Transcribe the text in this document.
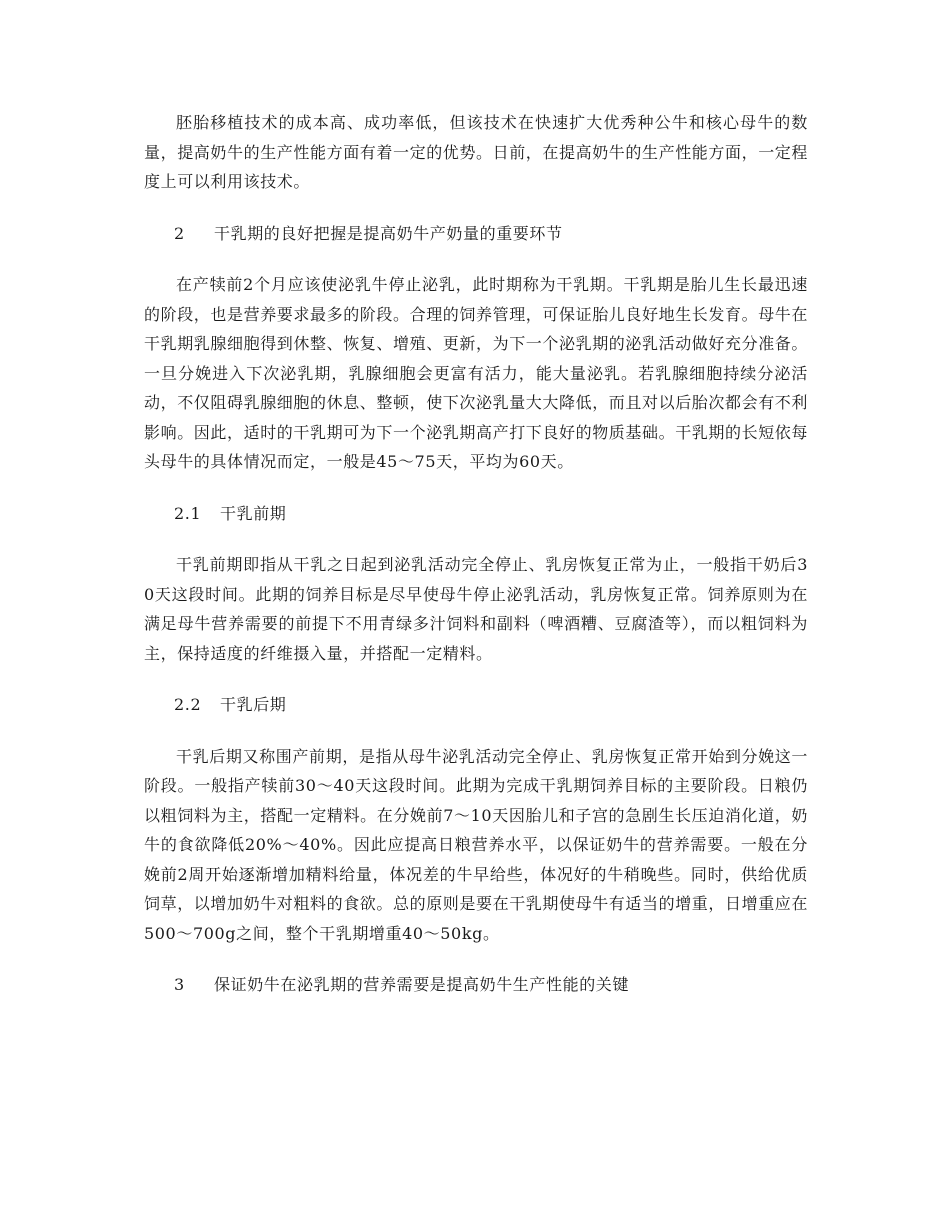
胚胎移植技术的成本高、成功率低，但该技术在快速扩大优秀种公牛和核心母牛的数量，提高奶牛的生产性能方面有着一定的优势。日前，在提高奶牛的生产性能方面，一定程度上可以利用该技术。

2 干乳期的良好把握是提高奶牛产奶量的重要环节

在产犊前2个月应该使泌乳牛停止泌乳，此时期称为干乳期。干乳期是胎儿生长最迅速的阶段，也是营养要求最多的阶段。合理的饲养管理，可保证胎儿良好地生长发育。母牛在干乳期乳腺细胞得到休整、恢复、增殖、更新，为下一个泌乳期的泌乳活动做好充分准备。一旦分娩进入下次泌乳期，乳腺细胞会更富有活力，能大量泌乳。若乳腺细胞持续分泌活动，不仅阻碍乳腺细胞的休息、整顿，使下次泌乳量大大降低，而且对以后胎次都会有不利影响。因此，适时的干乳期可为下一个泌乳期高产打下良好的物质基础。干乳期的长短依每头母牛的具体情况而定，一般是45～75天，平均为60天。

2.1 干乳前期

干乳前期即指从干乳之日起到泌乳活动完全停止、乳房恢复正常为止，一般指干奶后30天这段时间。此期的饲养目标是尽早使母牛停止泌乳活动，乳房恢复正常。饲养原则为在满足母牛营养需要的前提下不用青绿多汁饲料和副料（啤酒糟、豆腐渣等），而以粗饲料为主，保持适度的纤维摄入量，并搭配一定精料。

2.2 干乳后期

干乳后期又称围产前期，是指从母牛泌乳活动完全停止、乳房恢复正常开始到分娩这一阶段。一般指产犊前30～40天这段时间。此期为完成干乳期饲养目标的主要阶段。日粮仍以粗饲料为主，搭配一定精料。在分娩前7～10天因胎儿和子宫的急剧生长压迫消化道，奶牛的食欲降低20%～40%。因此应提高日粮营养水平，以保证奶牛的营养需要。一般在分娩前2周开始逐渐增加精料给量，体况差的牛早给些，体况好的牛稍晚些。同时，供给优质饲草，以增加奶牛对粗料的食欲。总的原则是要在干乳期使母牛有适当的增重，日增重应在500～700g之间，整个干乳期增重40～50kg。

3 保证奶牛在泌乳期的营养需要是提高奶牛生产性能的关键
